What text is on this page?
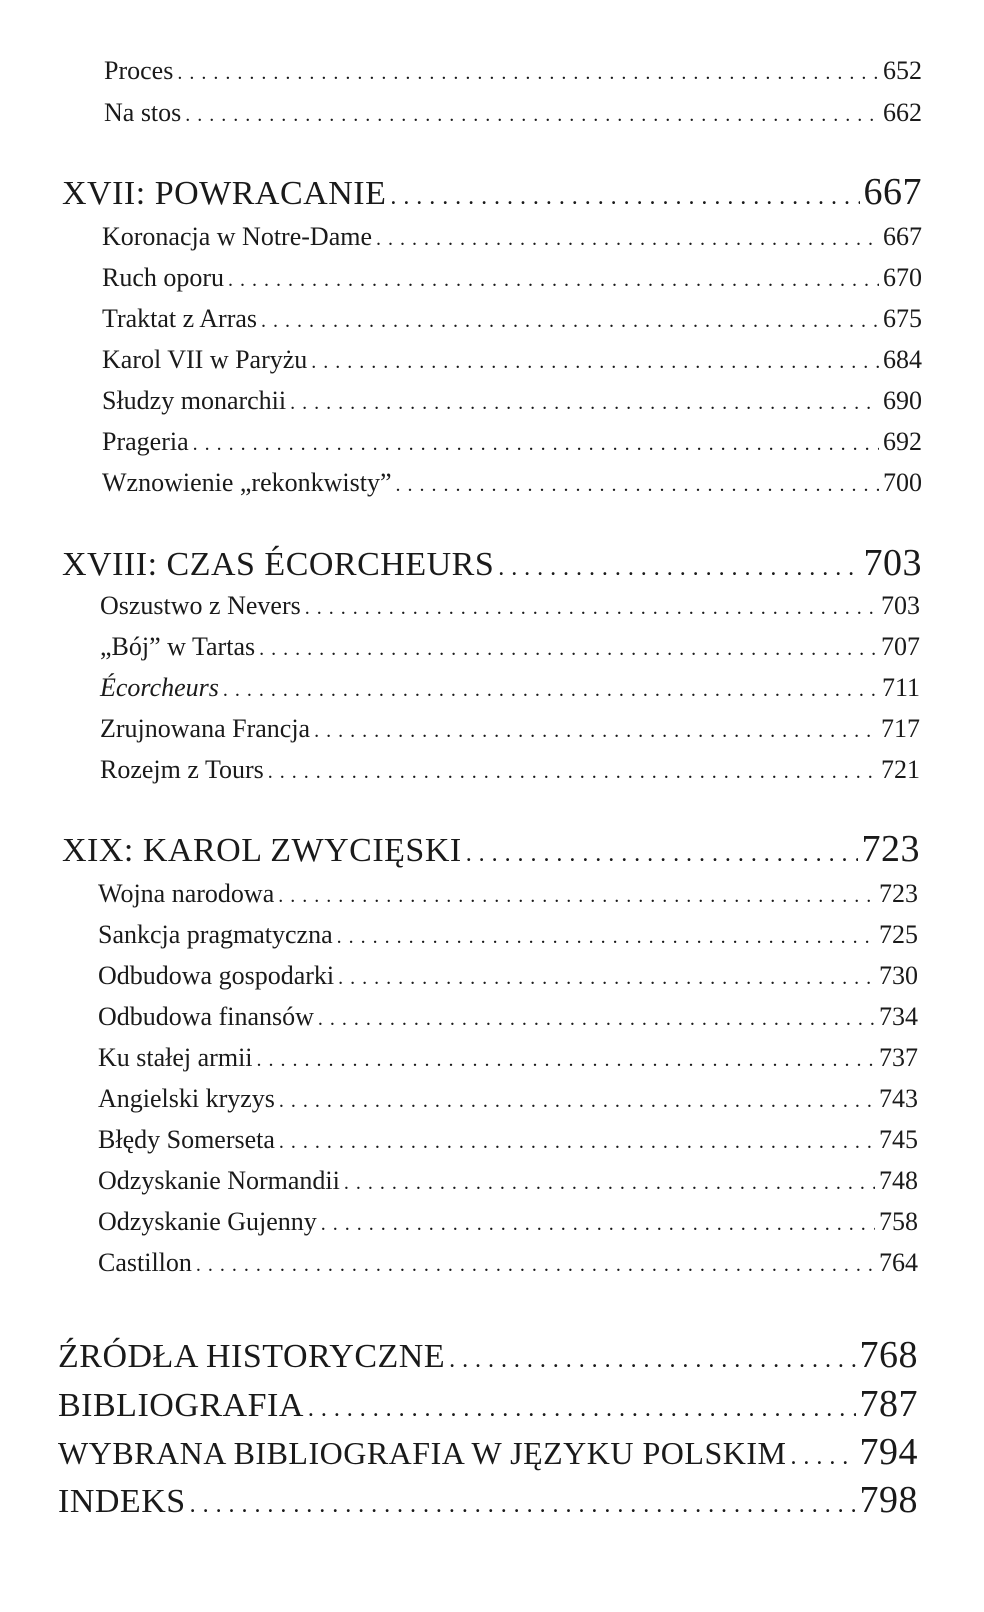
Proces . . .	652
Na stos . . .	662
XVII: POWRACANIE . . .	667
Koronacja w Notre-Dame . . .	667
Ruch oporu . . .	670
Traktat z Arras . . .	675
Karol VII w Paryżu . . .	684
Słudzy monarchii . . .	690
Prageria . . .	692
Wznowienie „rekonkwisty” . . .	700
XVIII: CZAS ÉCORCHEURS . . .	703
Oszustwo z Nevers . . .	703
„Bój” w Tartas . . .	707
Écorcheurs . . .	711
Zrujnowana Francja . . .	717
Rozejm z Tours . . .	721
XIX: KAROL ZWYCIĘSKI . . .	723
Wojna narodowa . . .	723
Sankcja pragmatyczna . . .	725
Odbudowa gospodarki . . .	730
Odbudowa finansów . . .	734
Ku stałej armii . . .	737
Angielski kryzys . . .	743
Błędy Somerseta . . .	745
Odzyskanie Normandii . . .	748
Odzyskanie Gujenny . . .	758
Castillon . . .	764
ŹRÓDŁA HISTORYCZNE . . .	768
BIBLIOGRAFIA . . .	787
WYBRANA BIBLIOGRAFIA W JĘZYKU POLSKIM . . . 794
INDEKS . . .	798
